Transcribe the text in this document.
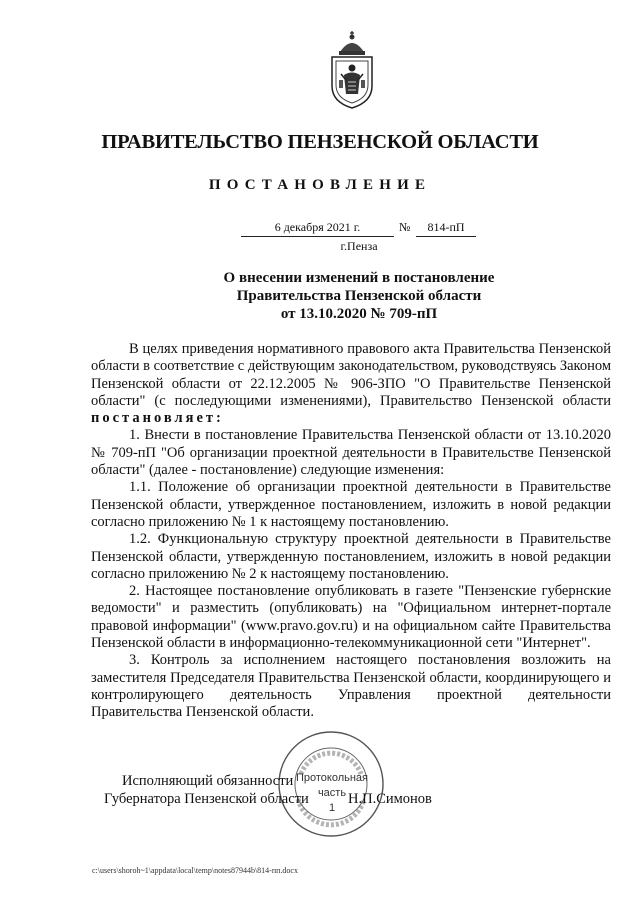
ПРАВИТЕЛЬСТВО ПЕНЗЕНСКОЙ ОБЛАСТИ
ПОСТАНОВЛЕНИЕ
6 декабря 2021 г.	№	814-пП
г.Пенза
О внесении изменений в постановление
Правительства Пензенской области
от 13.10.2020 № 709-пП

В целях приведения нормативного правового акта Правительства Пензенской области в соответствие с действующим законодательством, руководствуясь Законом Пензенской области от 22.12.2005 № 906-ЗПО "О Правительстве Пензенской области" (с последующими изменениями), Правительство Пензенской области постановляет:

1. Внести в постановление Правительства Пензенской области от 13.10.2020 № 709-пП "Об организации проектной деятельности в Правительстве Пензенской области" (далее - постановление) следующие изменения:

1.1. Положение об организации проектной деятельности в Правительстве Пензенской области, утвержденное постановлением, изложить в новой редакции согласно приложению № 1 к настоящему постановлению.

1.2. Функциональную структуру проектной деятельности в Правительстве Пензенской области, утвержденную постановлением, изложить в новой редакции согласно приложению № 2 к настоящему постановлению.

2. Настоящее постановление опубликовать в газете "Пензенские губернские ведомости" и разместить (опубликовать) на "Официальном интернет-портале правовой информации" (www.pravo.gov.ru) и на официальном сайте Правительства Пензенской области в информационно-телекоммуникационной сети "Интернет".

3. Контроль за исполнением настоящего постановления возложить на заместителя Председателя Правительства Пензенской области, координирующего и контролирующего деятельность Управления проектной деятельности Правительства Пензенской области.

Протокольная
часть
1
Исполняющий обязанности
Губернатора Пензенской области	Н.П.Симонов
c:\users\shoroh~1\appdata\local\temp\notes87944b\814-пп.docx
